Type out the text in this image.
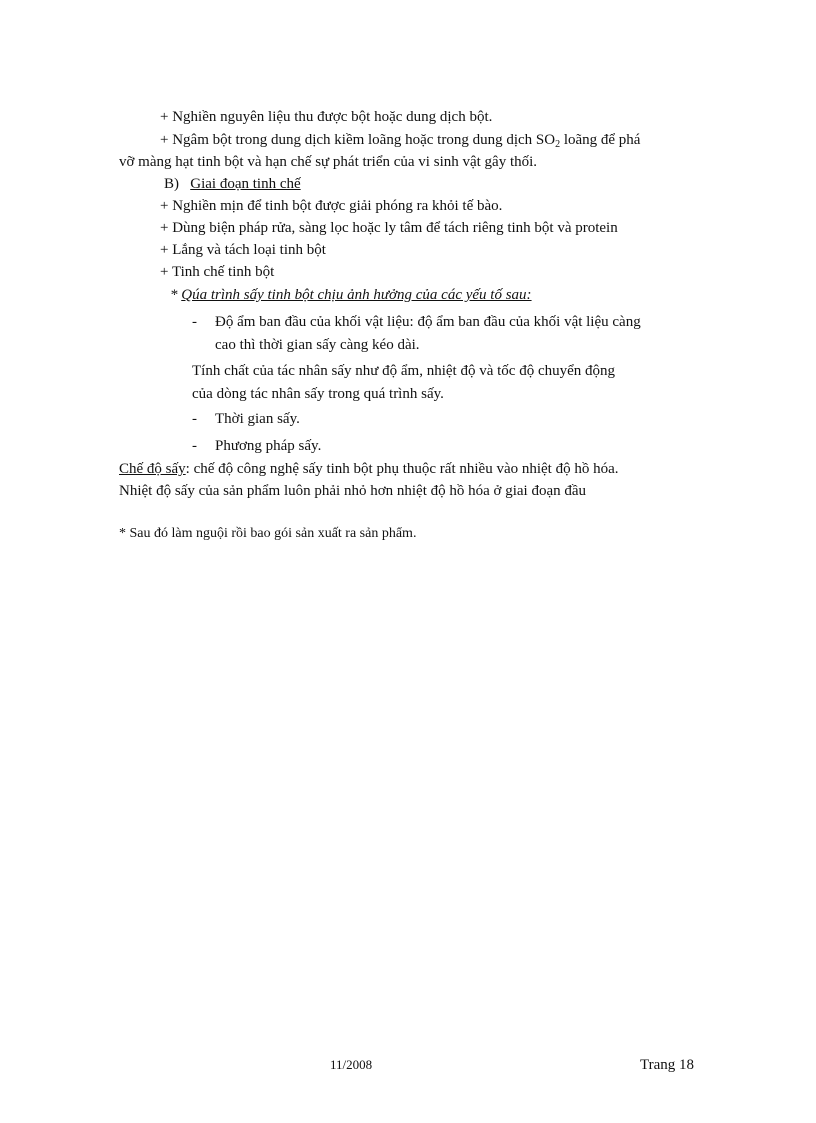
+ Nghiền nguyên liệu thu được bột hoặc dung dịch bột.
+ Ngâm bột trong dung dịch kiềm loãng hoặc trong dung dịch $SO_2$ loãng để phá
vỡ màng hạt tinh bột và hạn chế sự phát triển của vi sinh vật gây thối.
B) Giai đoạn tinh chế
+ Nghiền mịn để tinh bột được giải phóng ra khỏi tế bào.
+ Dùng biện pháp rửa, sàng lọc hoặc ly tâm để tách riêng tinh bột và protein
+ Lắng và tách loại tinh bột
+ Tinh chế tinh bột
* Qúa trình sấy tinh bột chịu ảnh hưởng của các yếu tố sau:
- Độ ẩm ban đầu của khối vật liệu: độ ẩm ban đầu của khối vật liệu càng
cao thì thời gian sấy càng kéo dài.
Tính chất của tác nhân sấy như độ ẩm, nhiệt độ và tốc độ chuyển động
của dòng tác nhân sấy trong quá trình sấy.
- Thời gian sấy.
- Phương pháp sấy.
Chế độ sấy: chế độ công nghệ sấy tinh bột phụ thuộc rất nhiều vào nhiệt độ hồ hóa.
Nhiệt độ sấy của sản phẩm luôn phải nhỏ hơn nhiệt độ hồ hóa ở giai đoạn đầu
* Sau đó làm nguội rồi bao gói sản xuất ra sản phẩm.
11/2008	Trang 18
